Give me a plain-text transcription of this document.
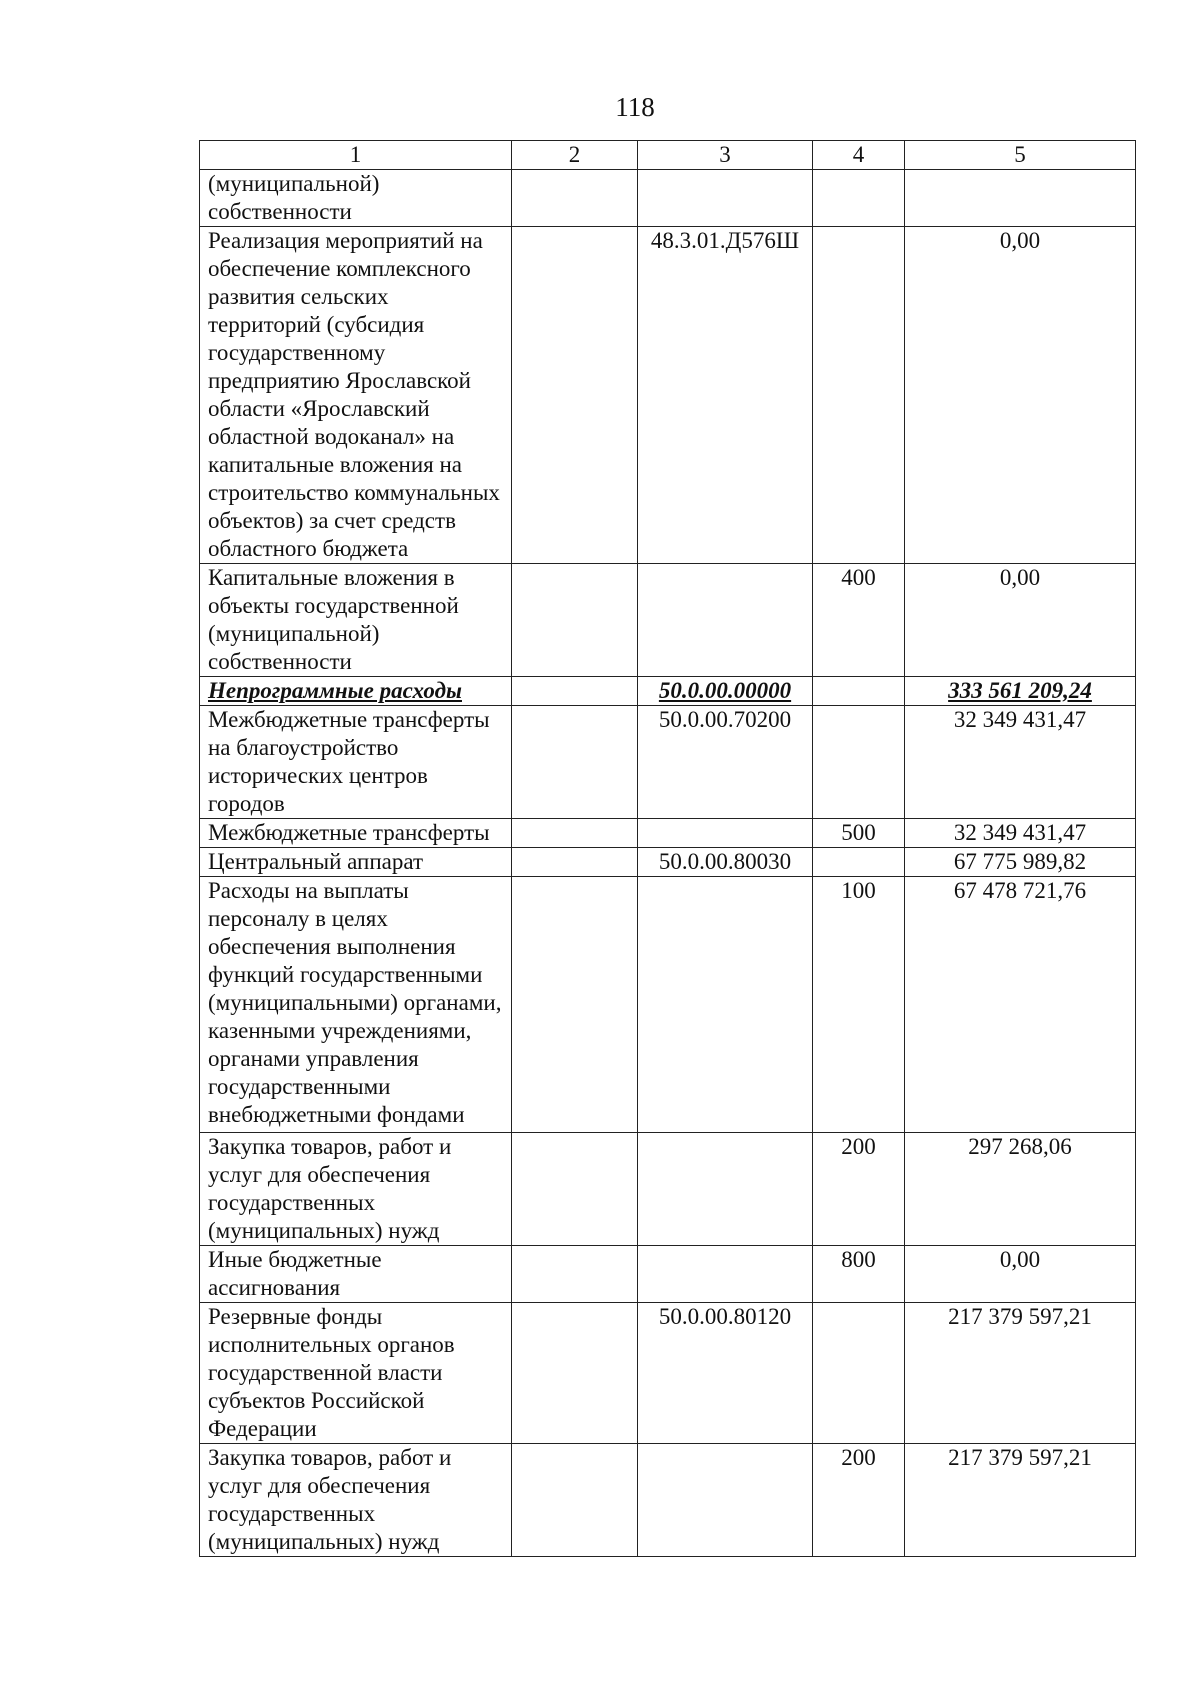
118
1	2	3	4	5
(муниципальной) собственности				
Реализация мероприятий на обеспечение комплексного развития сельских территорий (субсидия государственному предприятию Ярославской области «Ярославский областной водоканал» на капитальные вложения на строительство коммунальных объектов) за счет средств областного бюджета		48.3.01.Д576Ш		0,00
Капитальные вложения в объекты государственной (муниципальной) собственности			400	0,00
Непрограммные расходы		50.0.00.00000		333 561 209,24
Межбюджетные трансферты на благоустройство исторических центров городов		50.0.00.70200		32 349 431,47
Межбюджетные трансферты			500	32 349 431,47
Центральный аппарат		50.0.00.80030		67 775 989,82
Расходы на выплаты персоналу в целях обеспечения выполнения функций государственными (муниципальными) органами, казенными учреждениями, органами управления государственными внебюджетными фондами			100	67 478 721,76
Закупка товаров, работ и услуг для обеспечения государственных (муниципальных) нужд			200	297 268,06
Иные бюджетные ассигнования			800	0,00
Резервные фонды исполнительных органов государственной власти субъектов Российской Федерации		50.0.00.80120		217 379 597,21
Закупка товаров, работ и услуг для обеспечения государственных (муниципальных) нужд			200	217 379 597,21
